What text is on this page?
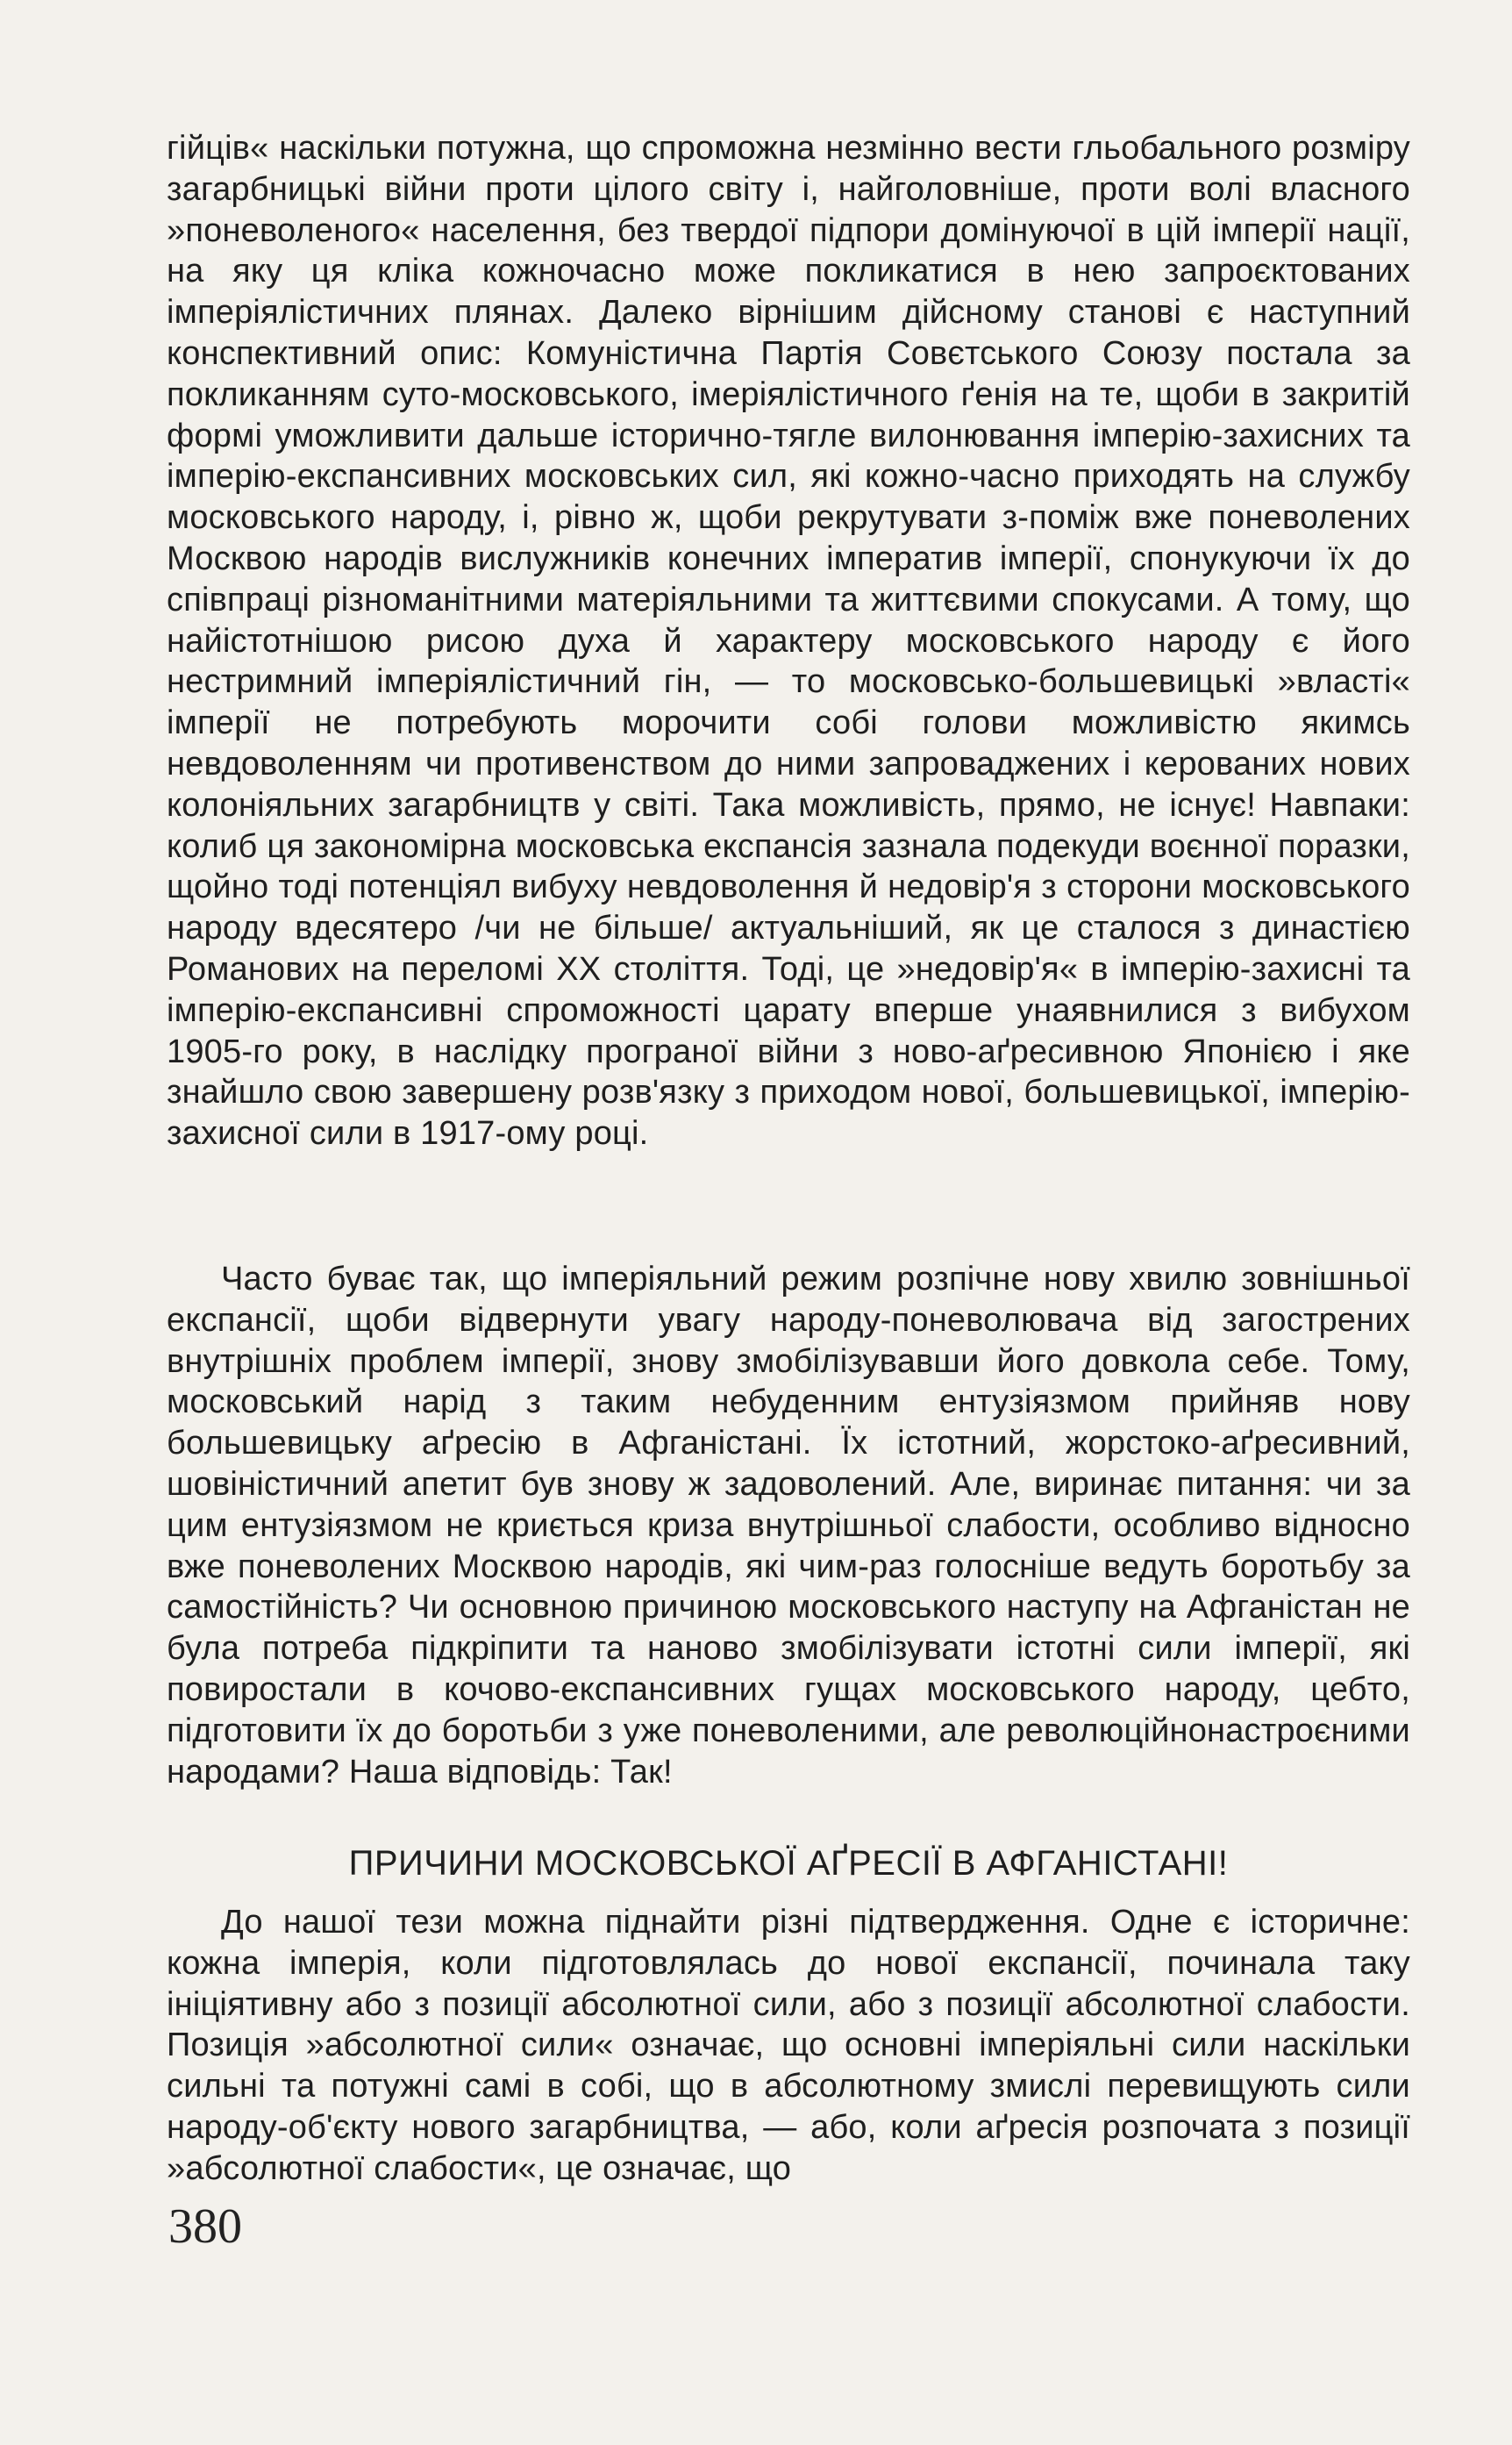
гійців« наскільки потужна, що спроможна незмінно вести гльобального розміру загарбницькі війни проти цілого світу і, найголовніше, проти волі власного »поневоленого« населення, без твердої підпори домінуючої в цій імперії нації, на яку ця кліка кожночасно може покликатися в нею запроєктованих імперіялістичних плянах. Далеко вірнішим дійсному станові є наступний конспективний опис: Комуністична Партія Совєтського Союзу постала за покликанням суто-московського, імеріялістичного ґенія на те, щоби в закритій формі уможливити дальше історично-тягле вилонювання імперію-захисних та імперію-експансивних московських сил, які кожно-часно приходять на службу московського народу, і, рівно ж, щоби рекрутувати з-поміж вже поневолених Москвою народів вислужників конечних імператив імперії, спонукуючи їх до співпраці різноманітними матеріяльними та життєвими спокусами. А тому, що найістотнішою рисою духа й характеру московського народу є його нестримний імперіялістичний гін, — то московсько-большевицькі »власті« імперії не потребують морочити собі голови можливістю якимсь невдоволенням чи противенством до ними запроваджених і керованих нових колоніяльних загарбництв у світі. Така можливість, прямо, не існує! Навпаки: колиб ця закономірна московська експансія зазнала подекуди воєнної поразки, щойно тоді потенціял вибуху невдоволення й недовір'я з сторони московського народу вдесятеро /чи не більше/ актуальніший, як це сталося з династією Романових на переломі XX століття. Тоді, це »недовір'я« в імперію-захисні та імперію-експансивні спроможності царату вперше унаявнилися з вибухом 1905-го року, в наслідку програної війни з ново-аґресивною Японією і яке знайшло свою завершену розв'язку з приходом нової, большевицької, імперію-захисної сили в 1917-ому році.

Часто буває так, що імперіяльний режим розпічне нову хвилю зовнішньої експансії, щоби відвернути увагу народу-поневолювача від загострених внутрішніх проблем імперії, знову змобілізувавши його довкола себе. Тому, московський нарід з таким небуденним ентузіязмом прийняв нову большевицьку аґресію в Афганістані. Їх істотний, жорстоко-аґресивний, шовіністичний апетит був знову ж задоволений. Але, виринає питання: чи за цим ентузіязмом не криється криза внутрішньої слабости, особливо відносно вже поневолених Москвою народів, які чим-раз голосніше ведуть боротьбу за самостійність? Чи основною причиною московського наступу на Афганістан не була потреба підкріпити та наново змобілізувати істотні сили імперії, які повиростали в кочово-експансивних гущах московського народу, цебто, підготовити їх до боротьби з уже поневоленими, але революційнонастроєними народами? Наша відповідь: Так!

ПРИЧИНИ МОСКОВСЬКОЇ АҐРЕСІЇ В АФГАНІСТАНІ!

До нашої тези можна піднайти різні підтвердження. Одне є історичне: кожна імперія, коли підготовлялась до нової експансії, починала таку ініціятивну або з позиції абсолютної сили, або з позиції абсолютної слабости. Позиція »абсолютної сили« означає, що основні імперіяльні сили наскільки сильні та потужні самі в собі, що в абсолютному змислі перевищують сили народу-об'єкту нового загарбництва, — або, коли аґресія розпочата з позиції »абсолютної слабости«, це означає, що

380
